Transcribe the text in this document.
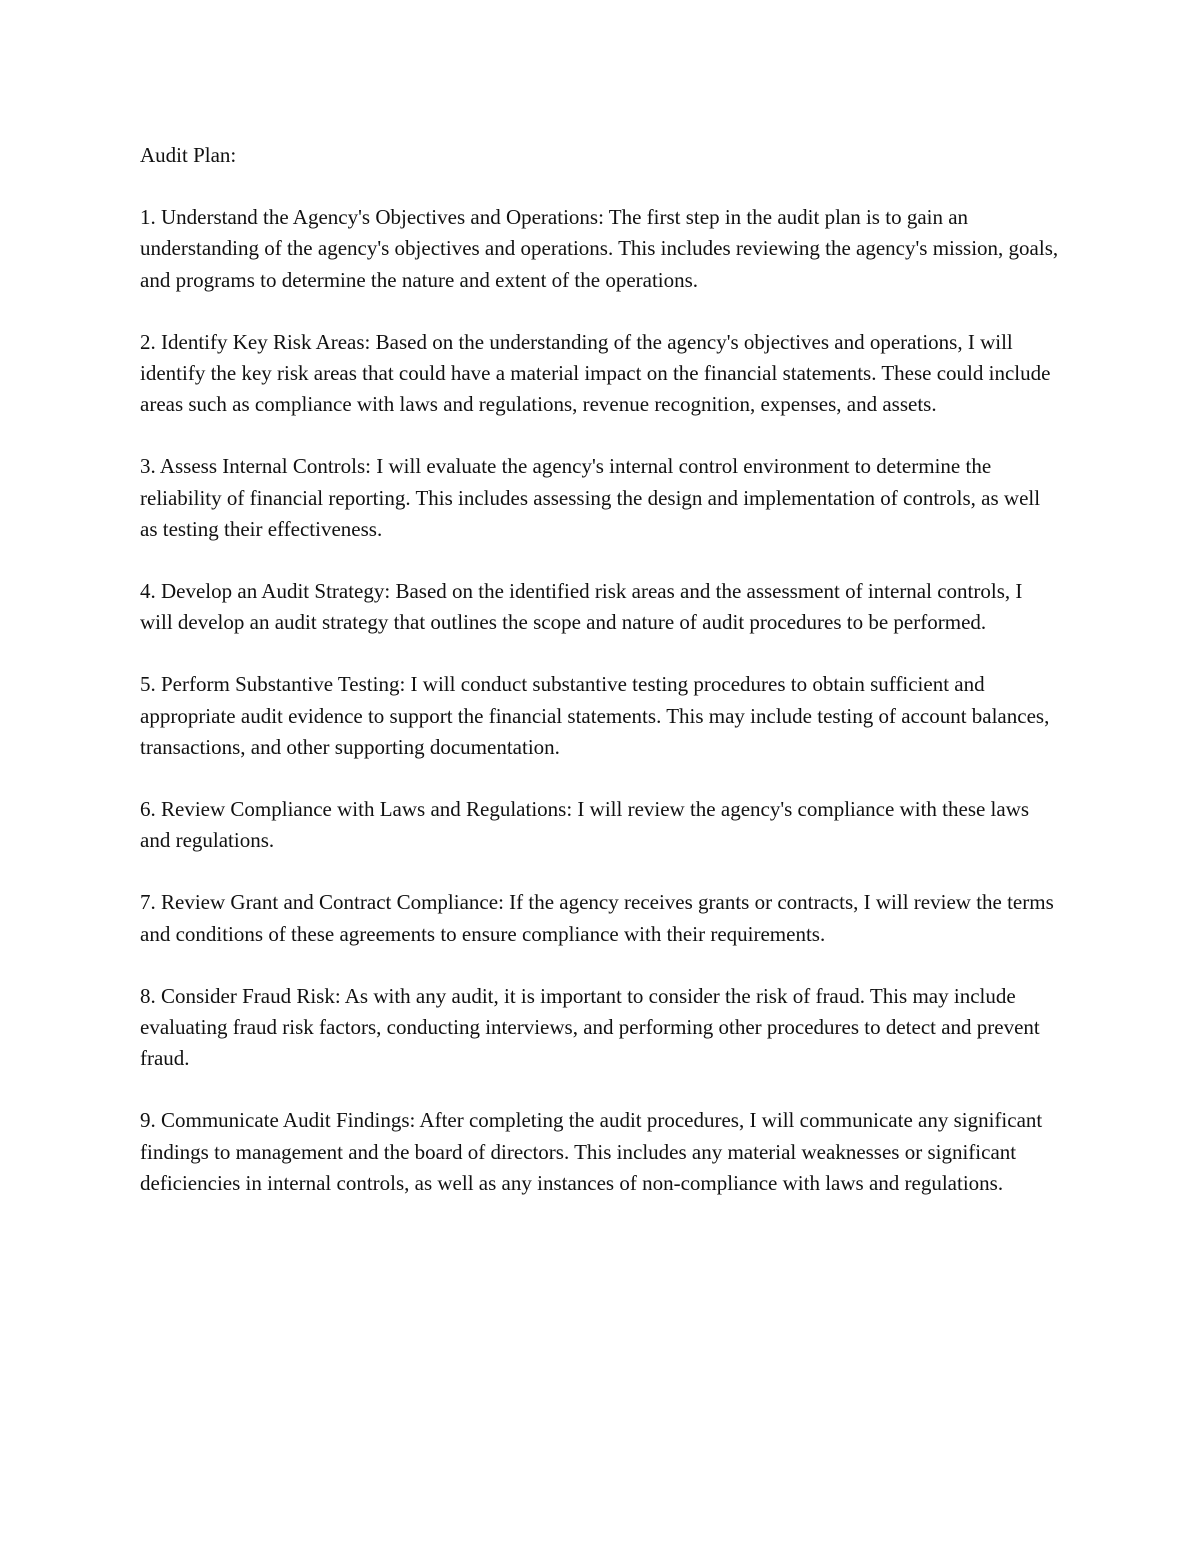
Audit Plan:

1. Understand the Agency's Objectives and Operations: The first step in the audit plan is to gain an understanding of the agency's objectives and operations. This includes reviewing the agency's mission, goals, and programs to determine the nature and extent of the operations.

2. Identify Key Risk Areas: Based on the understanding of the agency's objectives and operations, I will identify the key risk areas that could have a material impact on the financial statements. These could include areas such as compliance with laws and regulations, revenue recognition, expenses, and assets.

3. Assess Internal Controls: I will evaluate the agency's internal control environment to determine the reliability of financial reporting. This includes assessing the design and implementation of controls, as well as testing their effectiveness.

4. Develop an Audit Strategy: Based on the identified risk areas and the assessment of internal controls, I will develop an audit strategy that outlines the scope and nature of audit procedures to be performed.

5. Perform Substantive Testing: I will conduct substantive testing procedures to obtain sufficient and appropriate audit evidence to support the financial statements. This may include testing of account balances, transactions, and other supporting documentation.

6. Review Compliance with Laws and Regulations: I will review the agency's compliance with these laws and regulations.

7. Review Grant and Contract Compliance: If the agency receives grants or contracts, I will review the terms and conditions of these agreements to ensure compliance with their requirements.

8. Consider Fraud Risk: As with any audit, it is important to consider the risk of fraud. This may include evaluating fraud risk factors, conducting interviews, and performing other procedures to detect and prevent fraud.

9. Communicate Audit Findings: After completing the audit procedures, I will communicate any significant findings to management and the board of directors. This includes any material weaknesses or significant deficiencies in internal controls, as well as any instances of non-compliance with laws and regulations.
